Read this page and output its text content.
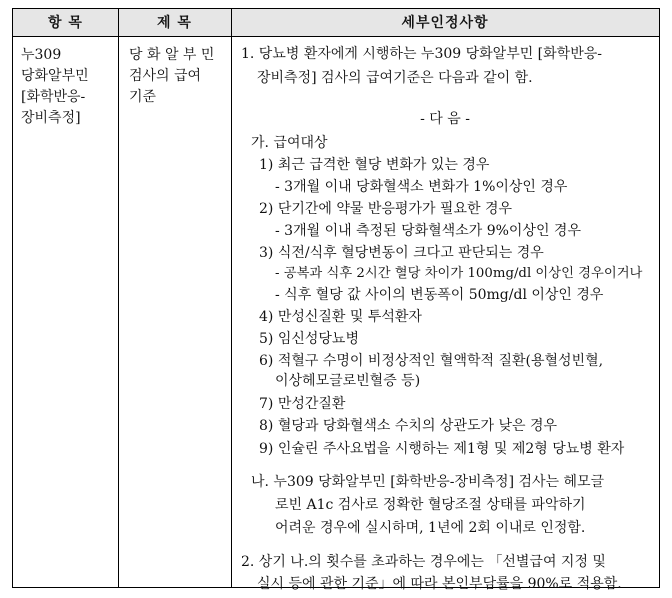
항 목	제 목	세부인정사항
누309
당화알부민
[화학반응-
장비측정]
당 화 알 부 민
검사의 급여
기준
1. 당뇨병 환자에게 시행하는 누309 당화알부민 [화학반응-
장비측정] 검사의 급여기준은 다음과 같이 함.
- 다 음 -
가. 급여대상
1) 최근 급격한 혈당 변화가 있는 경우
- 3개월 이내 당화혈색소 변화가 1%이상인 경우
2) 단기간에 약물 반응평가가 필요한 경우
- 3개월 이내 측정된 당화혈색소가 9%이상인 경우
3) 식전/식후 혈당변동이 크다고 판단되는 경우
- 공복과 식후 2시간 혈당 차이가 100mg/dl 이상인 경우이거나
- 식후 혈당 값 사이의 변동폭이 50mg/dl 이상인 경우
4) 만성신질환 및 투석환자
5) 임신성당뇨병
6) 적혈구 수명이 비정상적인 혈액학적 질환(용혈성빈혈,
이상헤모글로빈혈증 등)
7) 만성간질환
8) 혈당과 당화혈색소 수치의 상관도가 낮은 경우
9) 인슐린 주사요법을 시행하는 제1형 및 제2형 당뇨병 환자
나. 누309 당화알부민 [화학반응-장비측정] 검사는 헤모글
로빈 A1c 검사로 정확한 혈당조절 상태를 파악하기
어려운 경우에 실시하며, 1년에 2회 이내로 인정함.
2. 상기 나.의 횟수를 초과하는 경우에는 「선별급여 지정 및
실시 등에 관한 기준」에 따라 본인부담률을 90%로 적용함.
